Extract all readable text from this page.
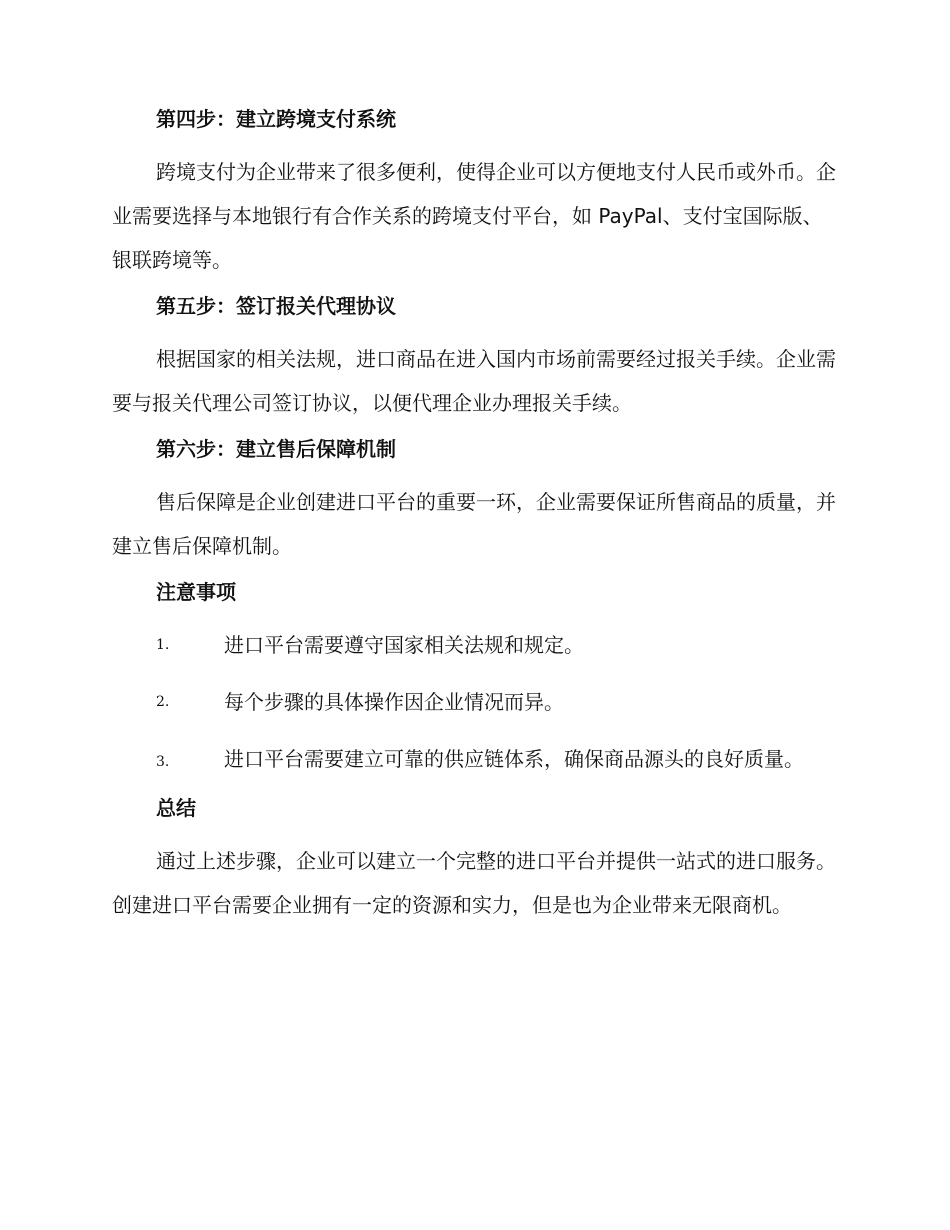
第四步：建立跨境支付系统

跨境支付为企业带来了很多便利，使得企业可以方便地支付人民币或外币。企业需要选择与本地银行有合作关系的跨境支付平台，如 PayPal、支付宝国际版、银联跨境等。

第五步：签订报关代理协议

根据国家的相关法规，进口商品在进入国内市场前需要经过报关手续。企业需要与报关代理公司签订协议，以便代理企业办理报关手续。

第六步：建立售后保障机制

售后保障是企业创建进口平台的重要一环，企业需要保证所售商品的质量，并建立售后保障机制。

注意事项
1.	进口平台需要遵守国家相关法规和规定。
2.	每个步骤的具体操作因企业情况而异。

3.	进口平台需要建立可靠的供应链体系，确保商品源头的良好质量。

总结

通过上述步骤，企业可以建立一个完整的进口平台并提供一站式的进口服务。创建进口平台需要企业拥有一定的资源和实力，但是也为企业带来无限商机。
